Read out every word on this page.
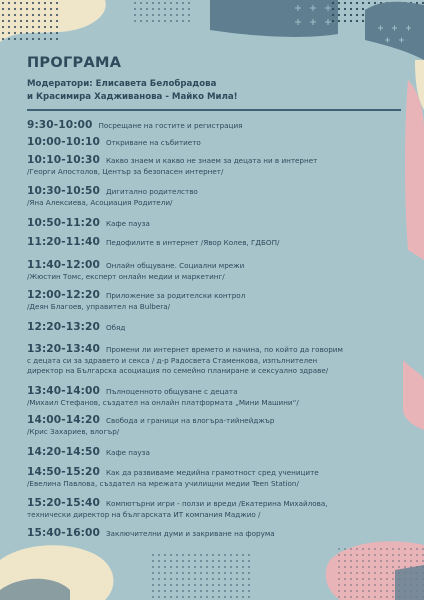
ПРОГРАМА
Модератори: Елисавета Белобрадова
и Красимира Хадживанова - Майко Мила!
9:30-10:00 Посрещане на гостите и регистрация
10:00-10:10 Откриване на събитието
10:10-10:30 Какво знаем и какво не знаем за децата ни в интернет
/Георги Апостолов, Център за безопасен интернет/
10:30-10:50 Дигитално родителство
/Яна Алексиева, Асоциация Родители/
10:50-11:20 Кафе пауза
11:20-11:40 Педофилите в интернет /Явор Колев, ГДБОП/
11:40-12:00 Онлайн общуване. Социални мрежи
/Жюстин Томс, експерт онлайн медии и маркетинг/
12:00-12:20 Приложение за родителски контрол
/Деян Благоев, управител на Bulbera/
12:20-13:20 Обяд
13:20-13:40 Промени ли интернет времето и начина, по който да говорим
с децата си за здравето и секса / д-р Радосвета Стаменкова, изпълнителен
директор на Българска асоциация по семейно планиране и сексуално здраве/
13:40-14:00 Пълноценното общуване с децата
/Михаил Стефанов, създател на онлайн платформата „Мини Машини“/
14:00-14:20 Свобода и граници на влогъра-тийнейджър
/Крис Захариев, влогър/
14:20-14:50 Кафе пауза
14:50-15:20 Как да развиваме медийна грамотност сред учениците
/Евелина Павлова, създател на мрежата училищни медии Teen Station/
15:20-15:40 Компютърни игри - ползи и вреди /Екатерина Михайлова,
технически директор на българската ИТ компания Маджио /
15:40-16:00 Заключителни думи и закриване на форума
